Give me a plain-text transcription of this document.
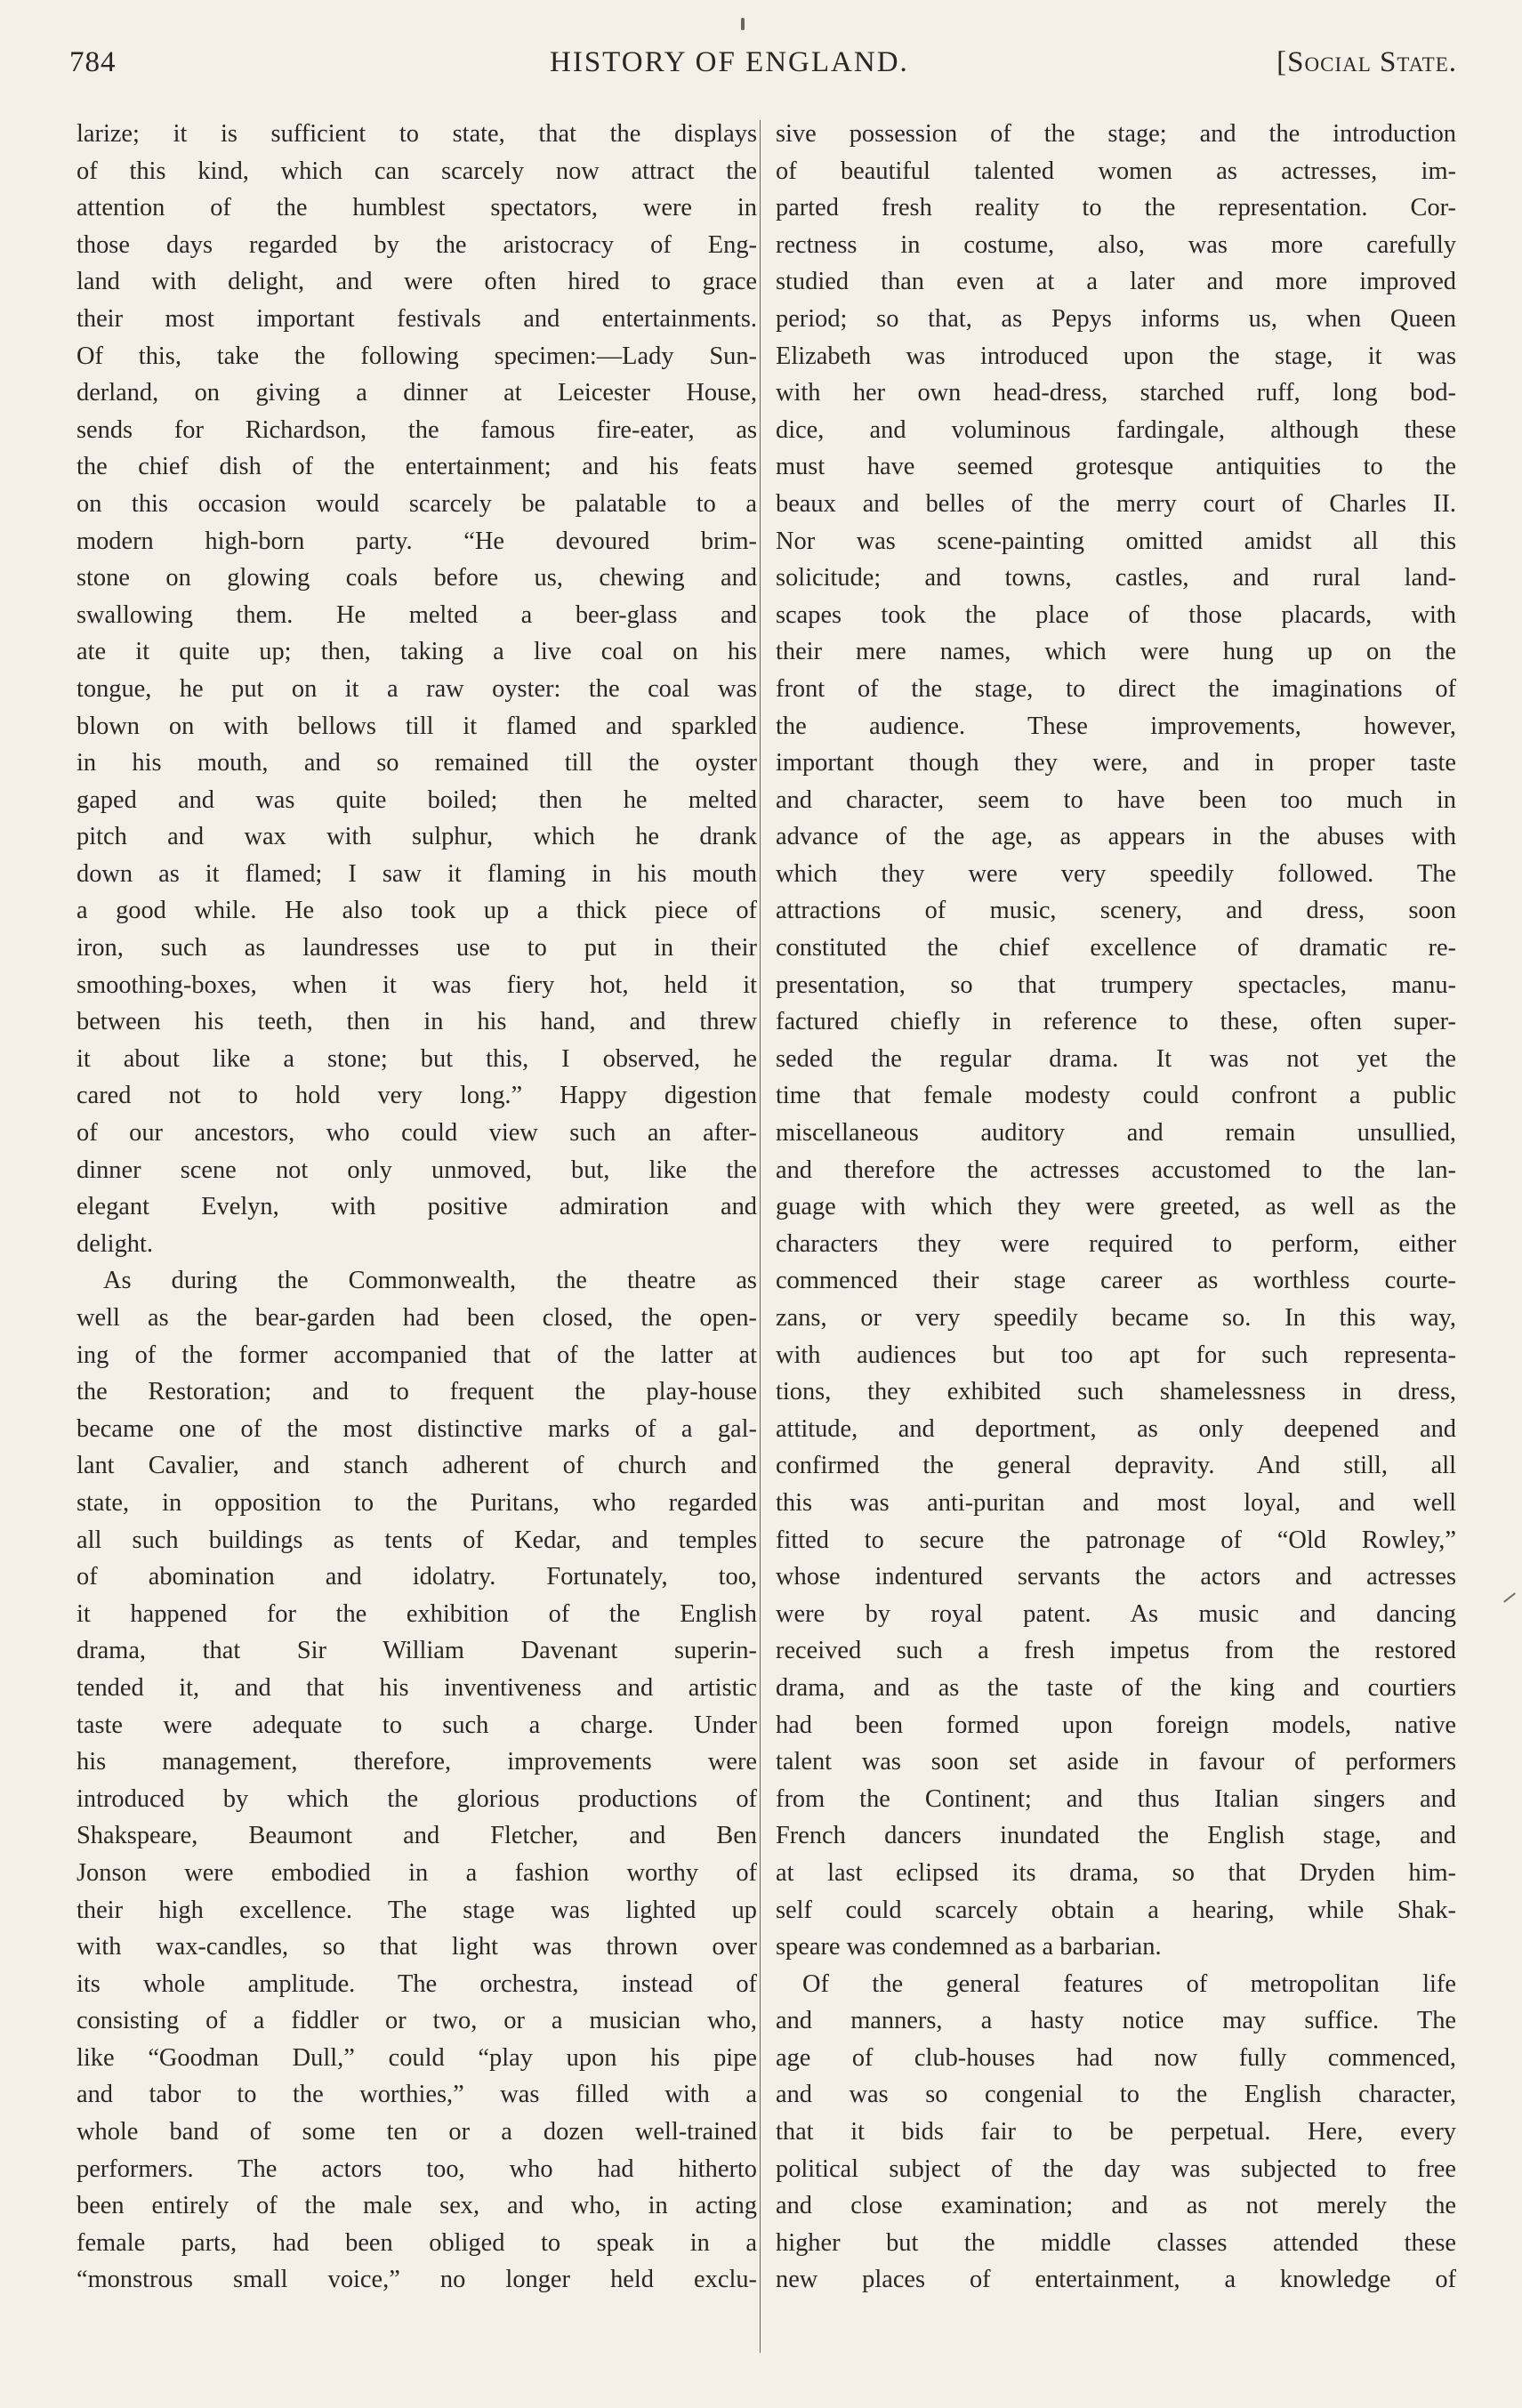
784	HISTORY OF ENGLAND.	[Social State.
larize; it is sufficient to state, that the displays
of this kind, which can scarcely now attract the
attention of the humblest spectators, were in
those days regarded by the aristocracy of Eng-
land with delight, and were often hired to grace
their most important festivals and entertainments.
Of this, take the following specimen:—Lady Sun-
derland, on giving a dinner at Leicester House,
sends for Richardson, the famous fire-eater, as
the chief dish of the entertainment; and his feats
on this occasion would scarcely be palatable to a
modern high-born party. “He devoured brim-
stone on glowing coals before us, chewing and
swallowing them. He melted a beer-glass and
ate it quite up; then, taking a live coal on his
tongue, he put on it a raw oyster: the coal was
blown on with bellows till it flamed and sparkled
in his mouth, and so remained till the oyster
gaped and was quite boiled; then he melted
pitch and wax with sulphur, which he drank
down as it flamed; I saw it flaming in his mouth
a good while. He also took up a thick piece of
iron, such as laundresses use to put in their
smoothing-boxes, when it was fiery hot, held it
between his teeth, then in his hand, and threw
it about like a stone; but this, I observed, he
cared not to hold very long.” Happy digestion
of our ancestors, who could view such an after-
dinner scene not only unmoved, but, like the
elegant Evelyn, with positive admiration and
delight.
As during the Commonwealth, the theatre as
well as the bear-garden had been closed, the open-
ing of the former accompanied that of the latter at
the Restoration; and to frequent the play-house
became one of the most distinctive marks of a gal-
lant Cavalier, and stanch adherent of church and
state, in opposition to the Puritans, who regarded
all such buildings as tents of Kedar, and temples
of abomination and idolatry. Fortunately, too,
it happened for the exhibition of the English
drama, that Sir William Davenant superin-
tended it, and that his inventiveness and artistic
taste were adequate to such a charge. Under
his management, therefore, improvements were
introduced by which the glorious productions of
Shakspeare, Beaumont and Fletcher, and Ben
Jonson were embodied in a fashion worthy of
their high excellence. The stage was lighted up
with wax-candles, so that light was thrown over
its whole amplitude. The orchestra, instead of
consisting of a fiddler or two, or a musician who,
like “Goodman Dull,” could “play upon his pipe
and tabor to the worthies,” was filled with a
whole band of some ten or a dozen well-trained
performers. The actors too, who had hitherto
been entirely of the male sex, and who, in acting
female parts, had been obliged to speak in a
“monstrous small voice,” no longer held exclu-
sive possession of the stage; and the introduction
of beautiful talented women as actresses, im-
parted fresh reality to the representation. Cor-
rectness in costume, also, was more carefully
studied than even at a later and more improved
period; so that, as Pepys informs us, when Queen
Elizabeth was introduced upon the stage, it was
with her own head-dress, starched ruff, long bod-
dice, and voluminous fardingale, although these
must have seemed grotesque antiquities to the
beaux and belles of the merry court of Charles II.
Nor was scene-painting omitted amidst all this
solicitude; and towns, castles, and rural land-
scapes took the place of those placards, with
their mere names, which were hung up on the
front of the stage, to direct the imaginations of
the audience. These improvements, however,
important though they were, and in proper taste
and character, seem to have been too much in
advance of the age, as appears in the abuses with
which they were very speedily followed. The
attractions of music, scenery, and dress, soon
constituted the chief excellence of dramatic re-
presentation, so that trumpery spectacles, manu-
factured chiefly in reference to these, often super-
seded the regular drama. It was not yet the
time that female modesty could confront a public
miscellaneous auditory and remain unsullied,
and therefore the actresses accustomed to the lan-
guage with which they were greeted, as well as the
characters they were required to perform, either
commenced their stage career as worthless courte-
zans, or very speedily became so. In this way,
with audiences but too apt for such representa-
tions, they exhibited such shamelessness in dress,
attitude, and deportment, as only deepened and
confirmed the general depravity. And still, all
this was anti-puritan and most loyal, and well
fitted to secure the patronage of “Old Rowley,”
whose indentured servants the actors and actresses
were by royal patent. As music and dancing
received such a fresh impetus from the restored
drama, and as the taste of the king and courtiers
had been formed upon foreign models, native
talent was soon set aside in favour of performers
from the Continent; and thus Italian singers and
French dancers inundated the English stage, and
at last eclipsed its drama, so that Dryden him-
self could scarcely obtain a hearing, while Shak-
speare was condemned as a barbarian.
Of the general features of metropolitan life
and manners, a hasty notice may suffice. The
age of club-houses had now fully commenced,
and was so congenial to the English character,
that it bids fair to be perpetual. Here, every
political subject of the day was subjected to free
and close examination; and as not merely the
higher but the middle classes attended these
new places of entertainment, a knowledge of
